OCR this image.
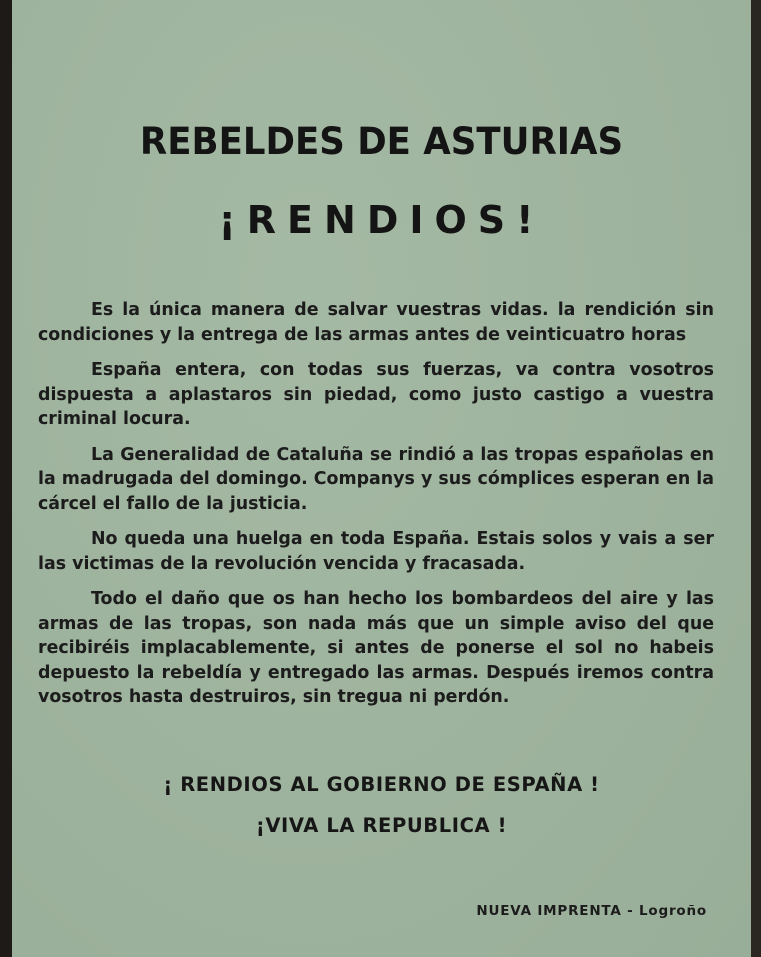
REBELDES DE ASTURIAS
¡RENDIOS!

Es la única manera de salvar vuestras vidas. la rendición sin condiciones y la entrega de las armas antes de veinticuatro horas

España entera, con todas sus fuerzas, va contra vosotros dispuesta a aplastaros sin piedad, como justo castigo a vuestra criminal locura.

La Generalidad de Cataluña se rindió a las tropas españolas en la madrugada del domingo. Companys y sus cómplices esperan en la cárcel el fallo de la justicia.

No queda una huelga en toda España. Estais solos y vais a ser las victimas de la revolución vencida y fracasada.

Todo el daño que os han hecho los bombardeos del aire y las armas de las tropas, son nada más que un simple aviso del que recibiréis implacablemente, si antes de ponerse el sol no habeis depuesto la rebeldía y entregado las armas. Después iremos contra vosotros hasta destruiros, sin tregua ni perdón.

¡ RENDIOS AL GOBIERNO DE ESPAÑA !

¡VIVA LA REPUBLICA !

NUEVA IMPRENTA - Logroño
